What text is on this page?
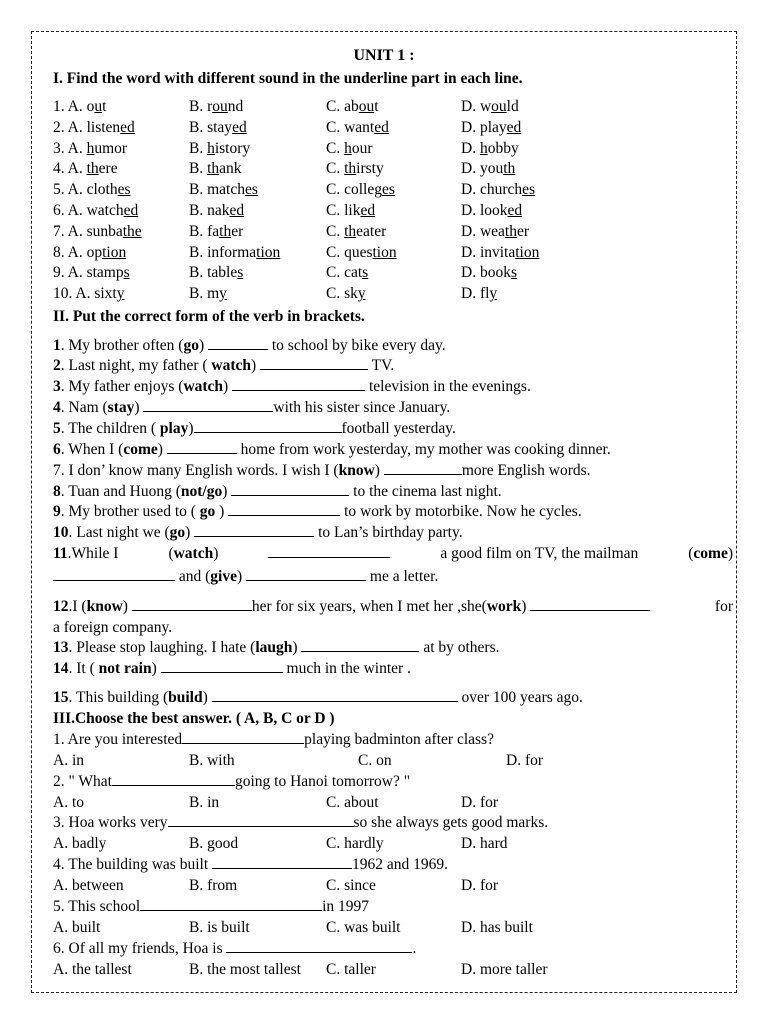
UNIT 1 :
I. Find the word with different sound in the underline part in each line.
1. A. out	B. round	C. about	D. would
2. A. listened	B. stayed	C. wanted	D. played
3. A. humor	B. history	C. hour	D. hobby
4. A. there	B. thank	C. thirsty	D. youth
5. A. clothes	B. matches	C. colleges	D. churches
6. A. watched	B. naked	C. liked	D. looked
7. A. sunbathe	B. father	C. theater	D. weather
8. A. option	B. information	C. question	D. invitation
9. A. stamps	B. tables	C. cats	D. books
10. A. sixty	B. my	C. sky	D. fly
II. Put the correct form of the verb in brackets.
1. My brother often (go)	to school by bike every day.
2. Last night, my father ( watch)	TV.
3. My father enjoys (watch)	television in the evenings.
4. Nam (stay)	with his sister since January.
5. The children ( play)	football yesterday.
6. When I (come)	home from work yesterday, my mother was cooking dinner.
7. I don’ know many English words. I wish I (know)	more English words.
8. Tuan and Huong (not/go)	to the cinema last night.
9. My brother used to ( go )	to work by motorbike. Now he cycles.
10. Last night we (go)	to Lan’s birthday party.
11.While I	(watch)	a good film on TV, the mailman	(come)
and (give)	me a letter.
12.I (know)	her for six years, when I met her ,she(work)	for
a foreign company.
13. Please stop laughing. I hate (laugh)	at by others.
14. It ( not rain)	much in the winter .
15. This building (build)	over 100 years ago.
III.Choose the best answer. ( A, B, C or D )
1. Are you interested	playing badminton after class?
A. in	B. with	C. on	D. for
2. " What	going to Hanoi tomorrow? "
A. to	B. in	C. about	D. for
3. Hoa works very	so she always gets good marks.
A. badly	B. good	C. hardly	D. hard
4. The building was built	1962 and 1969.
A. between	B. from	C. since	D. for
5. This school	in 1997
A. built	B. is built	C. was built	D. has built
6. Of all my friends, Hoa is	.
A. the tallest	B. the most tallest C. taller	D. more taller
